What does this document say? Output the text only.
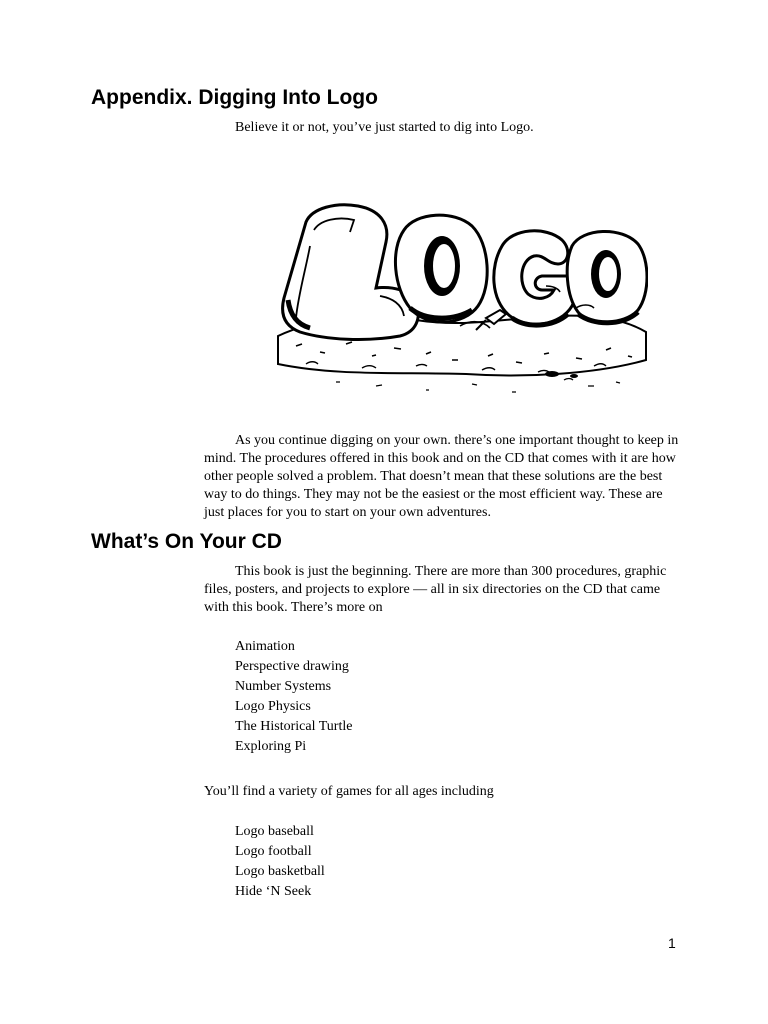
Appendix. Digging Into Logo

Believe it or not, you’ve just started to dig into Logo.

As you continue digging on your own. there’s one important thought to keep in mind. The procedures offered in this book and on the CD that comes with it are how other people solved a problem. That doesn’t mean that these solutions are the best way to do things. They may not be the easiest or the most efficient way. These are just places for you to start on your own adventures.

What’s On Your CD

This book is just the beginning. There are more than 300 procedures, graphic files, posters, and projects to explore — all in six directories on the CD that came with this book. There’s more on

Animation
Perspective drawing
Number Systems
Logo Physics
The Historical Turtle
Exploring Pi

You’ll find a variety of games for all ages including

Logo baseball
Logo football
Logo basketball
Hide ‘N Seek
1
